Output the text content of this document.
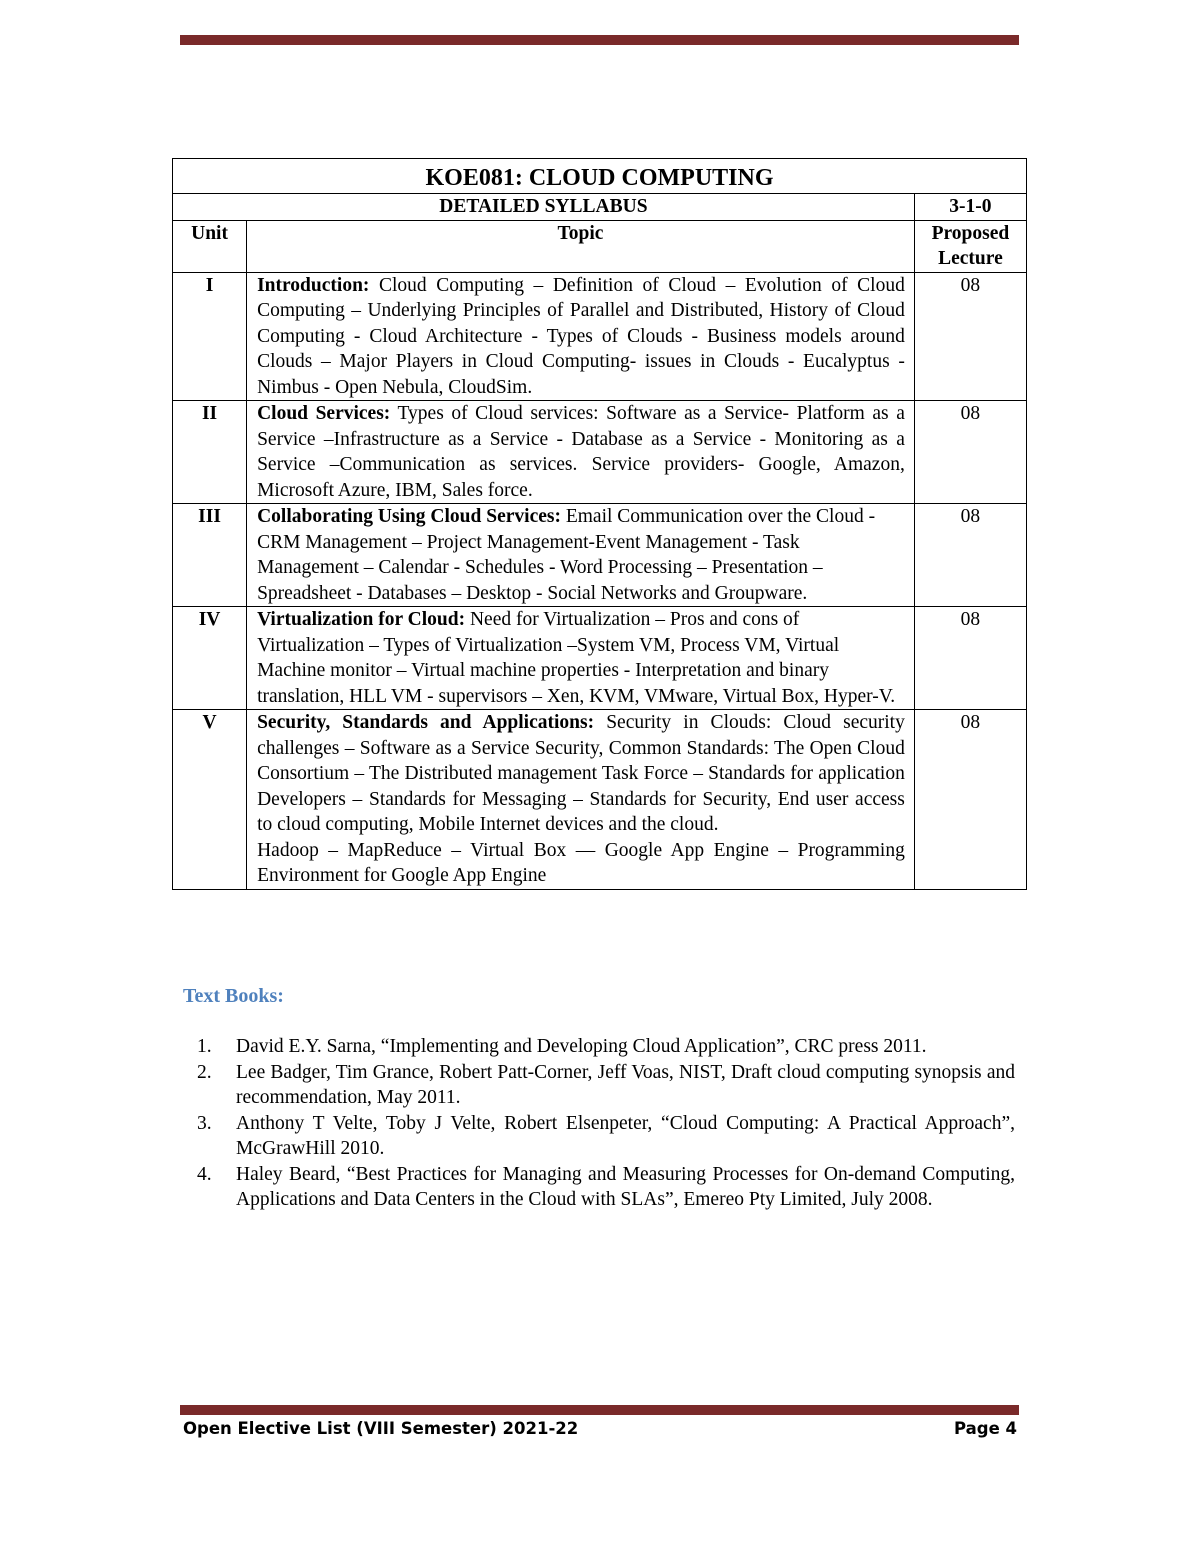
KOE081: CLOUD COMPUTING		
DETAILED SYLLABUS		3-1-0
Unit	Topic	Proposed Lecture
I	Introduction: Cloud Computing – Definition of Cloud – Evolution of Cloud Computing – Underlying Principles of Parallel and Distributed, History of Cloud Computing - Cloud Architecture - Types of Clouds - Business models around Clouds – Major Players in Cloud Computing- issues in Clouds - Eucalyptus - Nimbus - Open Nebula, CloudSim.	08
II	Cloud Services: Types of Cloud services: Software as a Service- Platform as a Service –Infrastructure as a Service - Database as a Service - Monitoring as a Service –Communication as services. Service providers- Google, Amazon, Microsoft Azure, IBM, Sales force.	08
III	Collaborating Using Cloud Services: Email Communication over the Cloud - CRM Management – Project Management-Event Management - Task Management – Calendar - Schedules - Word Processing – Presentation – Spreadsheet - Databases – Desktop - Social Networks and Groupware.	08
IV	Virtualization for Cloud: Need for Virtualization – Pros and cons of Virtualization – Types of Virtualization –System VM, Process VM, Virtual Machine monitor – Virtual machine properties - Interpretation and binary translation, HLL VM - supervisors – Xen, KVM, VMware, Virtual Box, Hyper-V.	08
V	Security, Standards and Applications: Security in Clouds: Cloud security challenges – Software as a Service Security, Common Standards: The Open Cloud Consortium – The Distributed management Task Force – Standards for application Developers – Standards for Messaging – Standards for Security, End user access to cloud computing, Mobile Internet devices and the cloud.
Hadoop – MapReduce – Virtual Box — Google App Engine – Programming Environment for Google App Engine	08
Text Books:
1. David E.Y. Sarna, “Implementing and Developing Cloud Application”, CRC press 2011.
2. Lee Badger, Tim Grance, Robert Patt-Corner, Jeff Voas, NIST, Draft cloud computing synopsis and recommendation, May 2011.
3. Anthony T Velte, Toby J Velte, Robert Elsenpeter, “Cloud Computing: A Practical Approach”, McGrawHill 2010.
4. Haley Beard, “Best Practices for Managing and Measuring Processes for On-demand Computing, Applications and Data Centers in the Cloud with SLAs”, Emereo Pty Limited, July 2008.
Open Elective List (VIII Semester) 2021-22	Page 4
